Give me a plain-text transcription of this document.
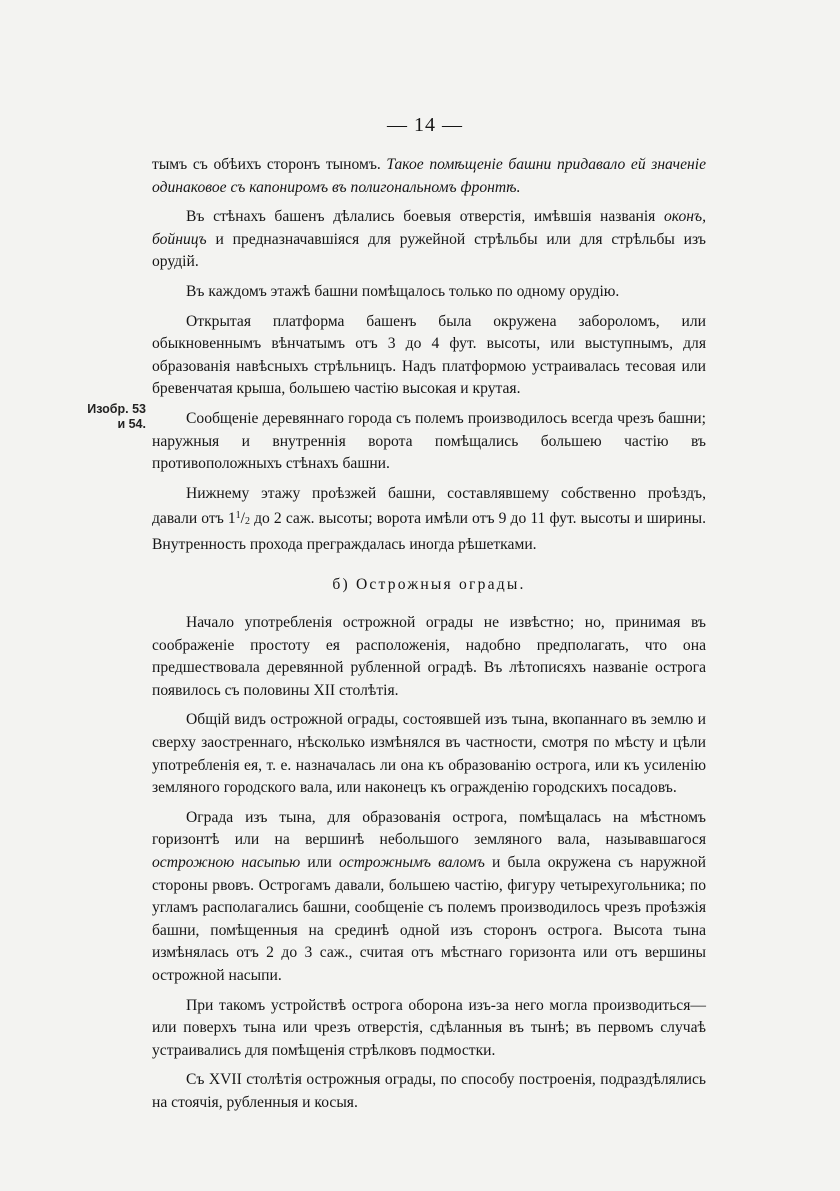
— 14 —
Изобр. 53
и 54.

тымъ съ обѣихъ сторонъ тыномъ. Такое помѣщеніе башни придавало ей значеніе одинаковое съ капониромъ въ полигональномъ фронтѣ.

Въ стѣнахъ башенъ дѣлались боевыя отверстія, имѣвшія названія оконъ, бойницъ и предназначавшіяся для ружейной стрѣльбы или для стрѣльбы изъ орудій.

Въ каждомъ этажѣ башни помѣщалось только по одному орудію.

Открытая платформа башенъ была окружена забороломъ, или обыкновеннымъ вѣнчатымъ отъ 3 до 4 фут. высоты, или выступнымъ, для образованія навѣсныхъ стрѣльницъ. Надъ платформою устраивалась тесовая или бревенчатая крыша, большею частію высокая и крутая.

Сообщеніе деревяннаго города съ полемъ производилось всегда чрезъ башни; наружныя и внутреннія ворота помѣщались большею частію въ противоположныхъ стѣнахъ башни.

Нижнему этажу проѣзжей башни, составлявшему собственно проѣздъ, давали отъ $1^1/2$ до 2 саж. высоты; ворота имѣли отъ 9 до 11 фут. высоты и ширины. Внутренность прохода преграждалась иногда рѣшетками.

б) Острожныя ограды.

Начало употребленія острожной ограды не извѣстно; но, принимая въ соображеніе простоту ея расположенія, надобно предполагать, что она предшествовала деревянной рубленной оградѣ. Въ лѣтописяхъ названіе острога появилось съ половины XII столѣтія.

Общій видъ острожной ограды, состоявшей изъ тына, вкопаннаго въ землю и сверху заостреннаго, нѣсколько измѣнялся въ частности, смотря по мѣсту и цѣли употребленія ея, т. е. назначалась ли она къ образованію острога, или къ усиленію земляного городского вала, или наконецъ къ огражденію городскихъ посадовъ.

Ограда изъ тына, для образованія острога, помѣщалась на мѣстномъ горизонтѣ или на вершинѣ небольшого земляного вала, называвшагося острожною насыпью или острожнымъ валомъ и была окружена съ наружной стороны рвовъ. Острогамъ давали, большею частію, фигуру четырехугольника; по угламъ располагались башни, сообщеніе съ полемъ производилось чрезъ проѣзжія башни, помѣщенныя на срединѣ одной изъ сторонъ острога. Высота тына измѣнялась отъ 2 до 3 саж., считая отъ мѣстнаго горизонта или отъ вершины острожной насыпи.

При такомъ устройствѣ острога оборона изъ-за него могла производиться—или поверхъ тына или чрезъ отверстія, сдѣланныя въ тынѣ; въ первомъ случаѣ устраивались для помѣщенія стрѣлковъ подмостки.

Съ XVII столѣтія острожныя ограды, по способу построенія, подраздѣлялись на стоячія, рубленныя и косыя.
